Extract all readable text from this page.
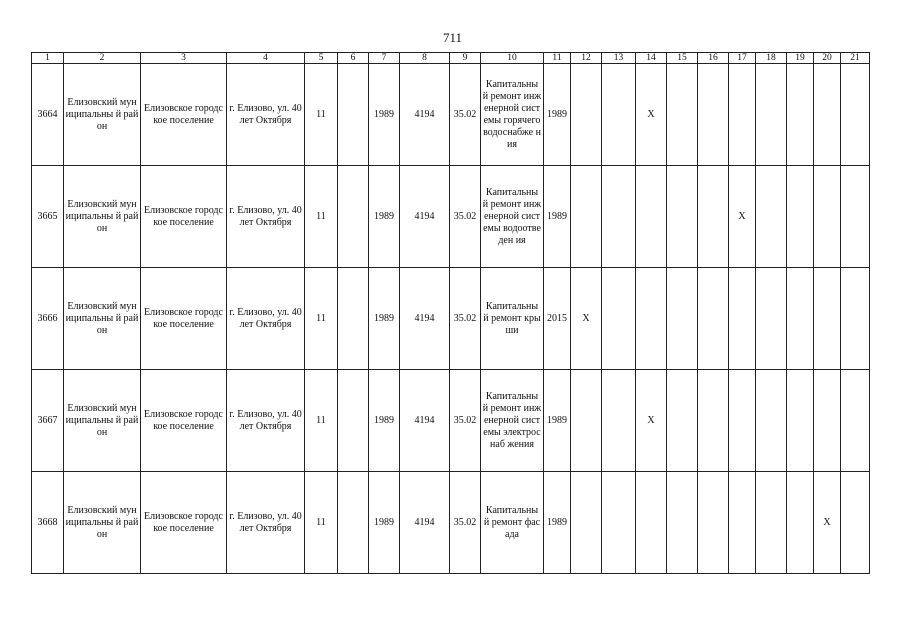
711
1	2	3	4	5	6	7	8	9	10	11	12	13	14	15	16	17	18	19	20	21
3664	Елизовский муниципальны й район	Елизовское городское поселение	г. Елизово, ул. 40 лет Октября	11		1989	4194	35.02	Капитальны й ремонт инженерной системы горячего водоснабже ния	1989			X							
3665	Елизовский муниципальны й район	Елизовское городское поселение	г. Елизово, ул. 40 лет Октября	11		1989	4194	35.02	Капитальны й ремонт инженерной системы водоотведен ия	1989						X				
3666	Елизовский муниципальны й район	Елизовское городское поселение	г. Елизово, ул. 40 лет Октября	11		1989	4194	35.02	Капитальны й ремонт крыши	2015	X									
3667	Елизовский муниципальны й район	Елизовское городское поселение	г. Елизово, ул. 40 лет Октября	11		1989	4194	35.02	Капитальны й ремонт инженерной системы электроснаб жения	1989			X							
3668	Елизовский муниципальны й район	Елизовское городское поселение	г. Елизово, ул. 40 лет Октября	11		1989	4194	35.02	Капитальны й ремонт фасада	1989									X	
